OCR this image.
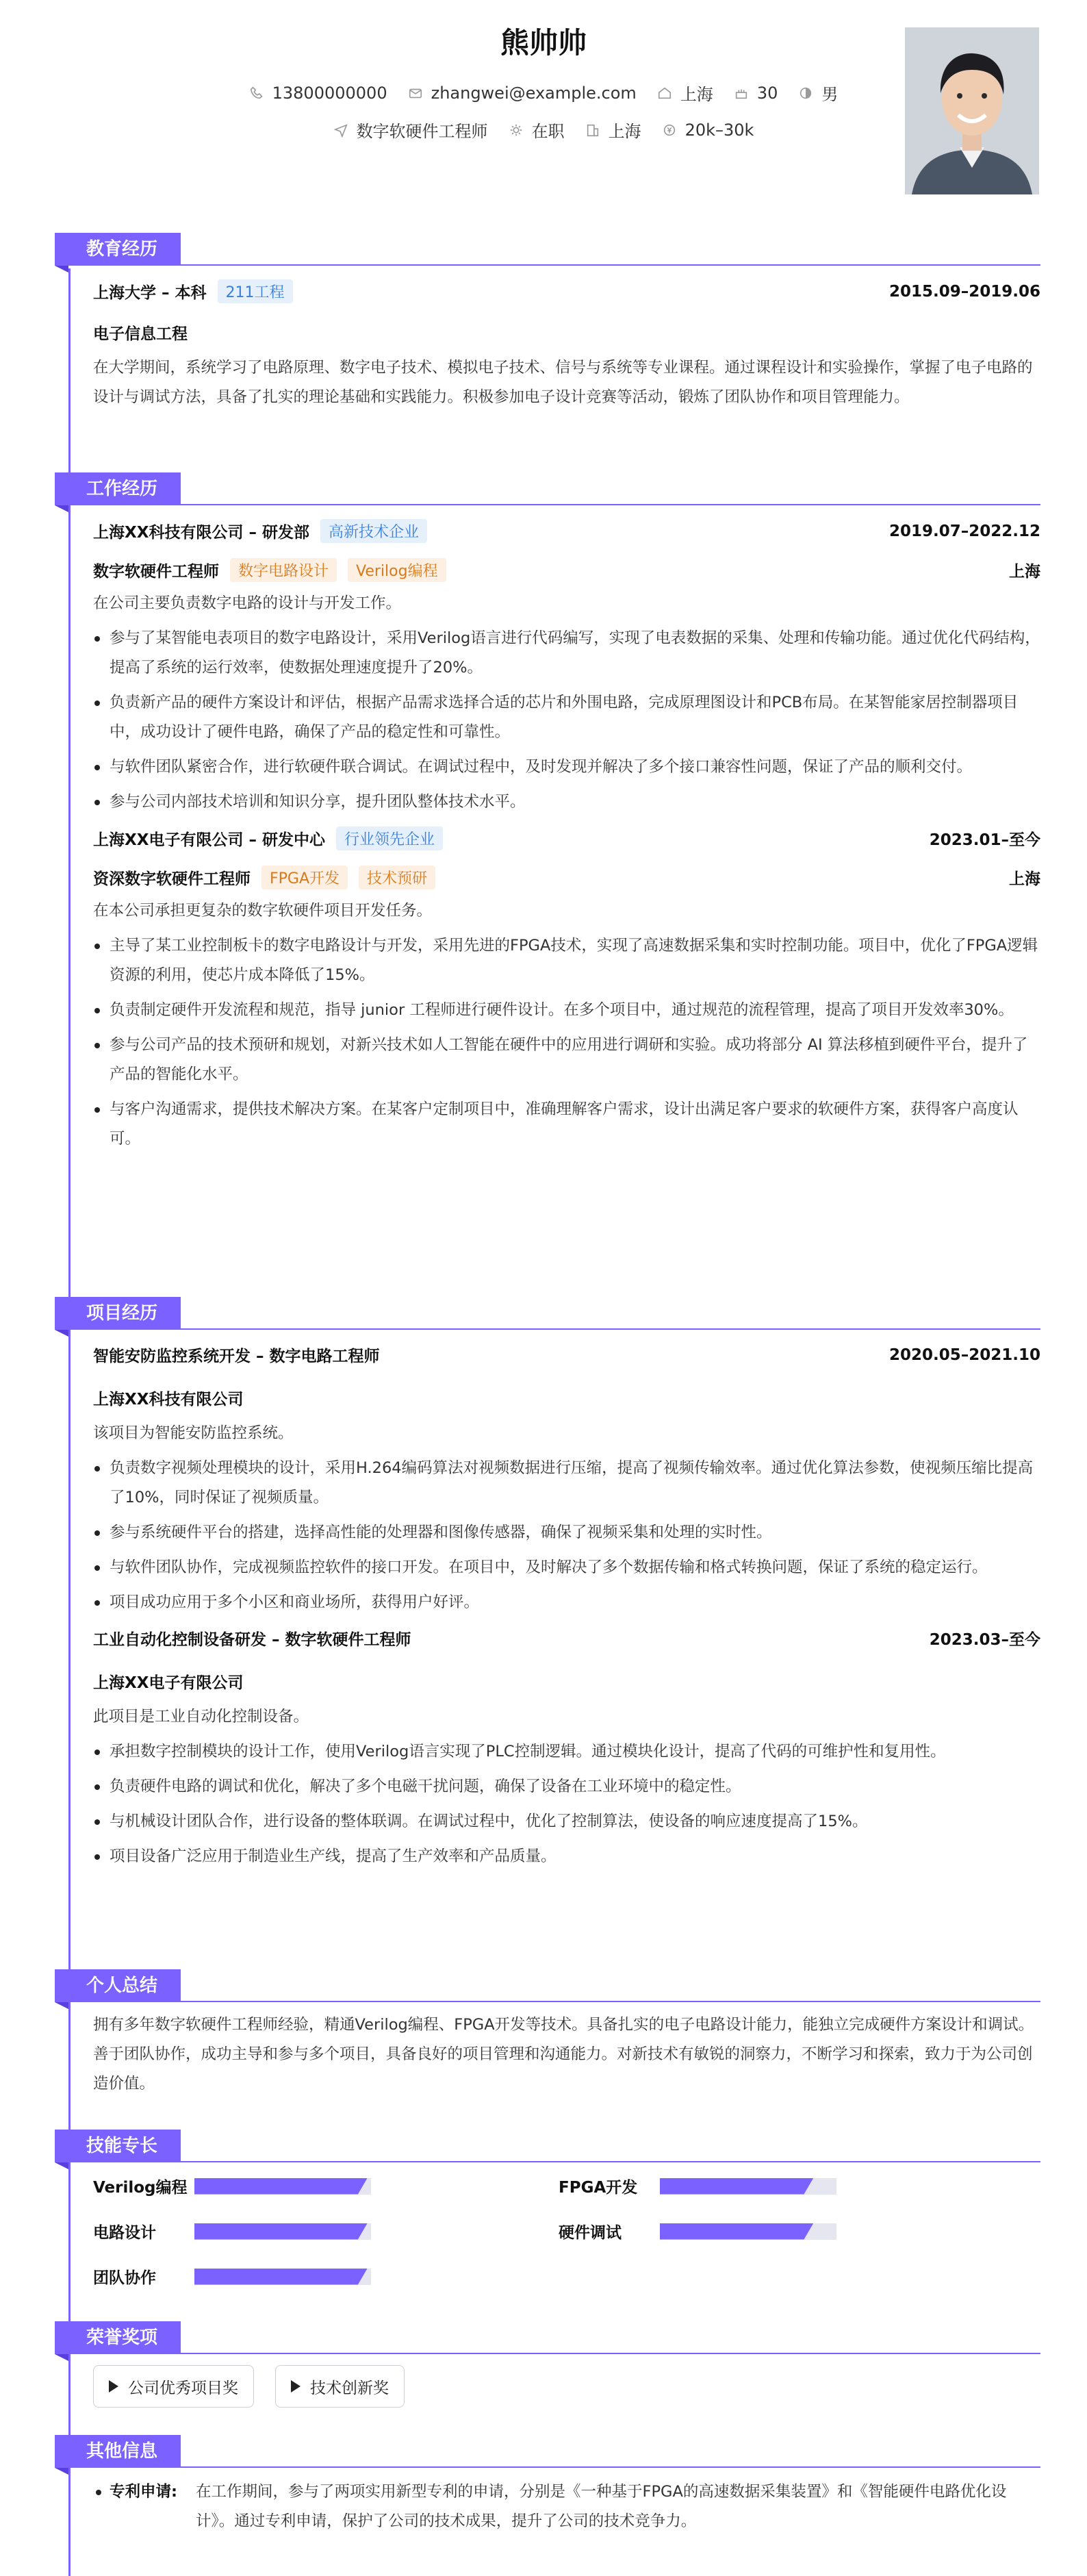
熊帅帅
13800000000	zhangwei@example.com	上海	30	男
数字软硬件工程师	在职	上海	20k–30k
教育经历
上海大学 – 本科	211工程	2015.09–2019.06
电子信息工程
在大学期间，系统学习了电路原理、数字电子技术、模拟电子技术、信号与系统等专业课程。通过课程设计和实验操作，掌握了电子电路的设计与调试方法，具备了扎实的理论基础和实践能力。积极参加电子设计竞赛等活动，锻炼了团队协作和项目管理能力。
工作经历
上海XX科技有限公司 – 研发部	高新技术企业	2019.07–2022.12
数字软硬件工程师	数字电路设计	Verilog编程	上海
在公司主要负责数字电路的设计与开发工作。
参与了某智能电表项目的数字电路设计，采用Verilog语言进行代码编写，实现了电表数据的采集、处理和传输功能。通过优化代码结构，提高了系统的运行效率，使数据处理速度提升了20%。
负责新产品的硬件方案设计和评估，根据产品需求选择合适的芯片和外围电路，完成原理图设计和PCB布局。在某智能家居控制器项目中，成功设计了硬件电路，确保了产品的稳定性和可靠性。
与软件团队紧密合作，进行软硬件联合调试。在调试过程中，及时发现并解决了多个接口兼容性问题，保证了产品的顺利交付。
参与公司内部技术培训和知识分享，提升团队整体技术水平。
上海XX电子有限公司 – 研发中心	行业领先企业	2023.01–至今
资深数字软硬件工程师	FPGA开发	技术预研	上海
在本公司承担更复杂的数字软硬件项目开发任务。
主导了某工业控制板卡的数字电路设计与开发，采用先进的FPGA技术，实现了高速数据采集和实时控制功能。项目中，优化了FPGA逻辑资源的利用，使芯片成本降低了15%。
负责制定硬件开发流程和规范，指导 junior 工程师进行硬件设计。在多个项目中，通过规范的流程管理，提高了项目开发效率30%。
参与公司产品的技术预研和规划，对新兴技术如人工智能在硬件中的应用进行调研和实验。成功将部分 AI 算法移植到硬件平台，提升了产品的智能化水平。
与客户沟通需求，提供技术解决方案。在某客户定制项目中，准确理解客户需求，设计出满足客户要求的软硬件方案，获得客户高度认可。
项目经历
智能安防监控系统开发 – 数字电路工程师	2020.05–2021.10
上海XX科技有限公司
该项目为智能安防监控系统。
负责数字视频处理模块的设计，采用H.264编码算法对视频数据进行压缩，提高了视频传输效率。通过优化算法参数，使视频压缩比提高了10%，同时保证了视频质量。
参与系统硬件平台的搭建，选择高性能的处理器和图像传感器，确保了视频采集和处理的实时性。
与软件团队协作，完成视频监控软件的接口开发。在项目中，及时解决了多个数据传输和格式转换问题，保证了系统的稳定运行。
项目成功应用于多个小区和商业场所，获得用户好评。
工业自动化控制设备研发 – 数字软硬件工程师	2023.03–至今
上海XX电子有限公司
此项目是工业自动化控制设备。
承担数字控制模块的设计工作，使用Verilog语言实现了PLC控制逻辑。通过模块化设计，提高了代码的可维护性和复用性。
负责硬件电路的调试和优化，解决了多个电磁干扰问题，确保了设备在工业环境中的稳定性。
与机械设计团队合作，进行设备的整体联调。在调试过程中，优化了控制算法，使设备的响应速度提高了15%。
项目设备广泛应用于制造业生产线，提高了生产效率和产品质量。
个人总结
拥有多年数字软硬件工程师经验，精通Verilog编程、FPGA开发等技术。具备扎实的电子电路设计能力，能独立完成硬件方案设计和调试。善于团队协作，成功主导和参与多个项目，具备良好的项目管理和沟通能力。对新技术有敏锐的洞察力，不断学习和探索，致力于为公司创造价值。
技能专长
Verilog编程	FPGA开发
电路设计	硬件调试
团队协作
荣誉奖项
公司优秀项目奖	技术创新奖
其他信息
专利申请: 在工作期间，参与了两项实用新型专利的申请，分别是《一种基于FPGA的高速数据采集装置》和《智能硬件电路优化设计》。通过专利申请，保护了公司的技术成果，提升了公司的技术竞争力。
